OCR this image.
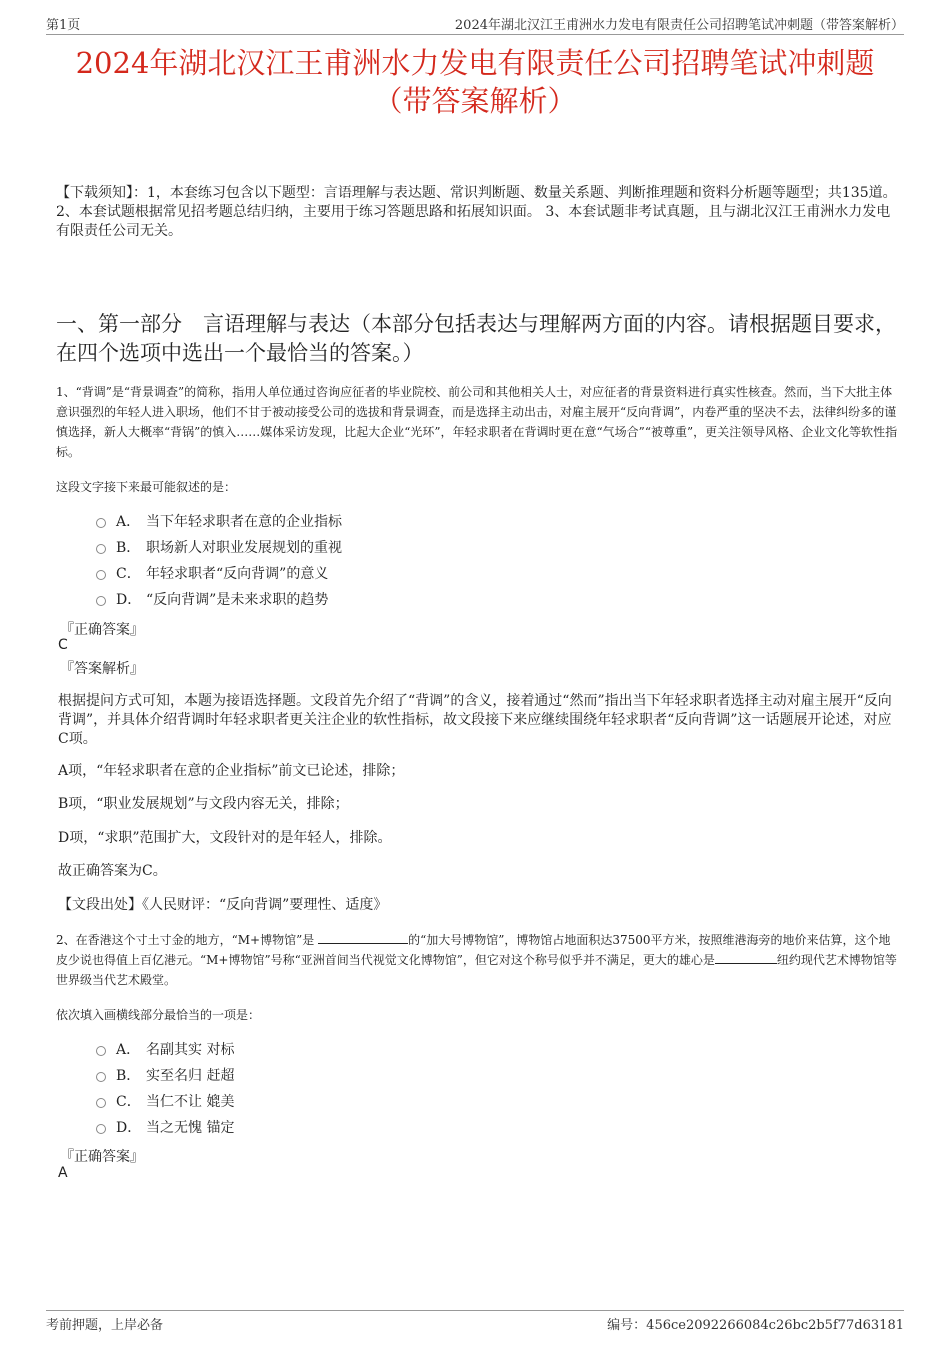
第1页	2024年湖北汉江王甫洲水力发电有限责任公司招聘笔试冲刺题（带答案解析）
2024年湖北汉江王甫洲水力发电有限责任公司招聘笔试冲刺题
（带答案解析）
【下载须知】：1，本套练习包含以下题型：言语理解与表达题、常识判断题、数量关系题、判断推理题和资料分析题等题型；共135道。 2、本套试题根据常见招考题总结归纳，主要用于练习答题思路和拓展知识面。 3、本套试题非考试真题，且与湖北汉江王甫洲水力发电有限责任公司无关。
一、第一部分　言语理解与表达（本部分包括表达与理解两方面的内容。请根据题目要求，在四个选项中选出一个最恰当的答案。）
1、“背调”是“背景调查”的简称，指用人单位通过咨询应征者的毕业院校、前公司和其他相关人士，对应征者的背景资料进行真实性核查。然而，当下大批主体意识强烈的年轻人进入职场，他们不甘于被动接受公司的选拔和背景调查，而是选择主动出击，对雇主展开“反向背调”，内卷严重的坚决不去，法律纠纷多的谨慎选择，新人大概率“背锅”的慎入……媒体采访发现，比起大企业“光环”，年轻求职者在背调时更在意“气场合”“被尊重”，更关注领导风格、企业文化等软性指标。
这段文字接下来最可能叙述的是：
A． 当下年轻求职者在意的企业指标
B． 职场新人对职业发展规划的重视
C． 年轻求职者“反向背调”的意义
D． “反向背调”是未来求职的趋势
『正确答案』
C
『答案解析』
根据提问方式可知，本题为接语选择题。文段首先介绍了“背调”的含义，接着通过“然而”指出当下年轻求职者选择主动对雇主展开“反向背调”，并具体介绍背调时年轻求职者更关注企业的软性指标，故文段接下来应继续围绕年轻求职者“反向背调”这一话题展开论述，对应C项。
A项，“年轻求职者在意的企业指标”前文已论述，排除；
B项，“职业发展规划”与文段内容无关，排除；
D项，“求职”范围扩大，文段针对的是年轻人，排除。
故正确答案为C。
【文段出处】《人民财评：“反向背调”要理性、适度》
2、在香港这个寸土寸金的地方，“M+博物馆”是	的“加大号博物馆”，博物馆占地面积达37500平方米，按照维港海旁的地价来估算，这个地皮少说也得值上百亿港元。“M+博物馆”号称“亚洲首间当代视觉文化博物馆”，但它对这个称号似乎并不满足，更大的雄心是	纽约现代艺术博物馆等世界级当代艺术殿堂。
依次填入画横线部分最恰当的一项是：
A． 名副其实 对标
B． 实至名归 赶超
C． 当仁不让 媲美
D． 当之无愧 锚定
『正确答案』
A
考前押题，上岸必备	编号：456ce2092266084c26bc2b5f77d63181
